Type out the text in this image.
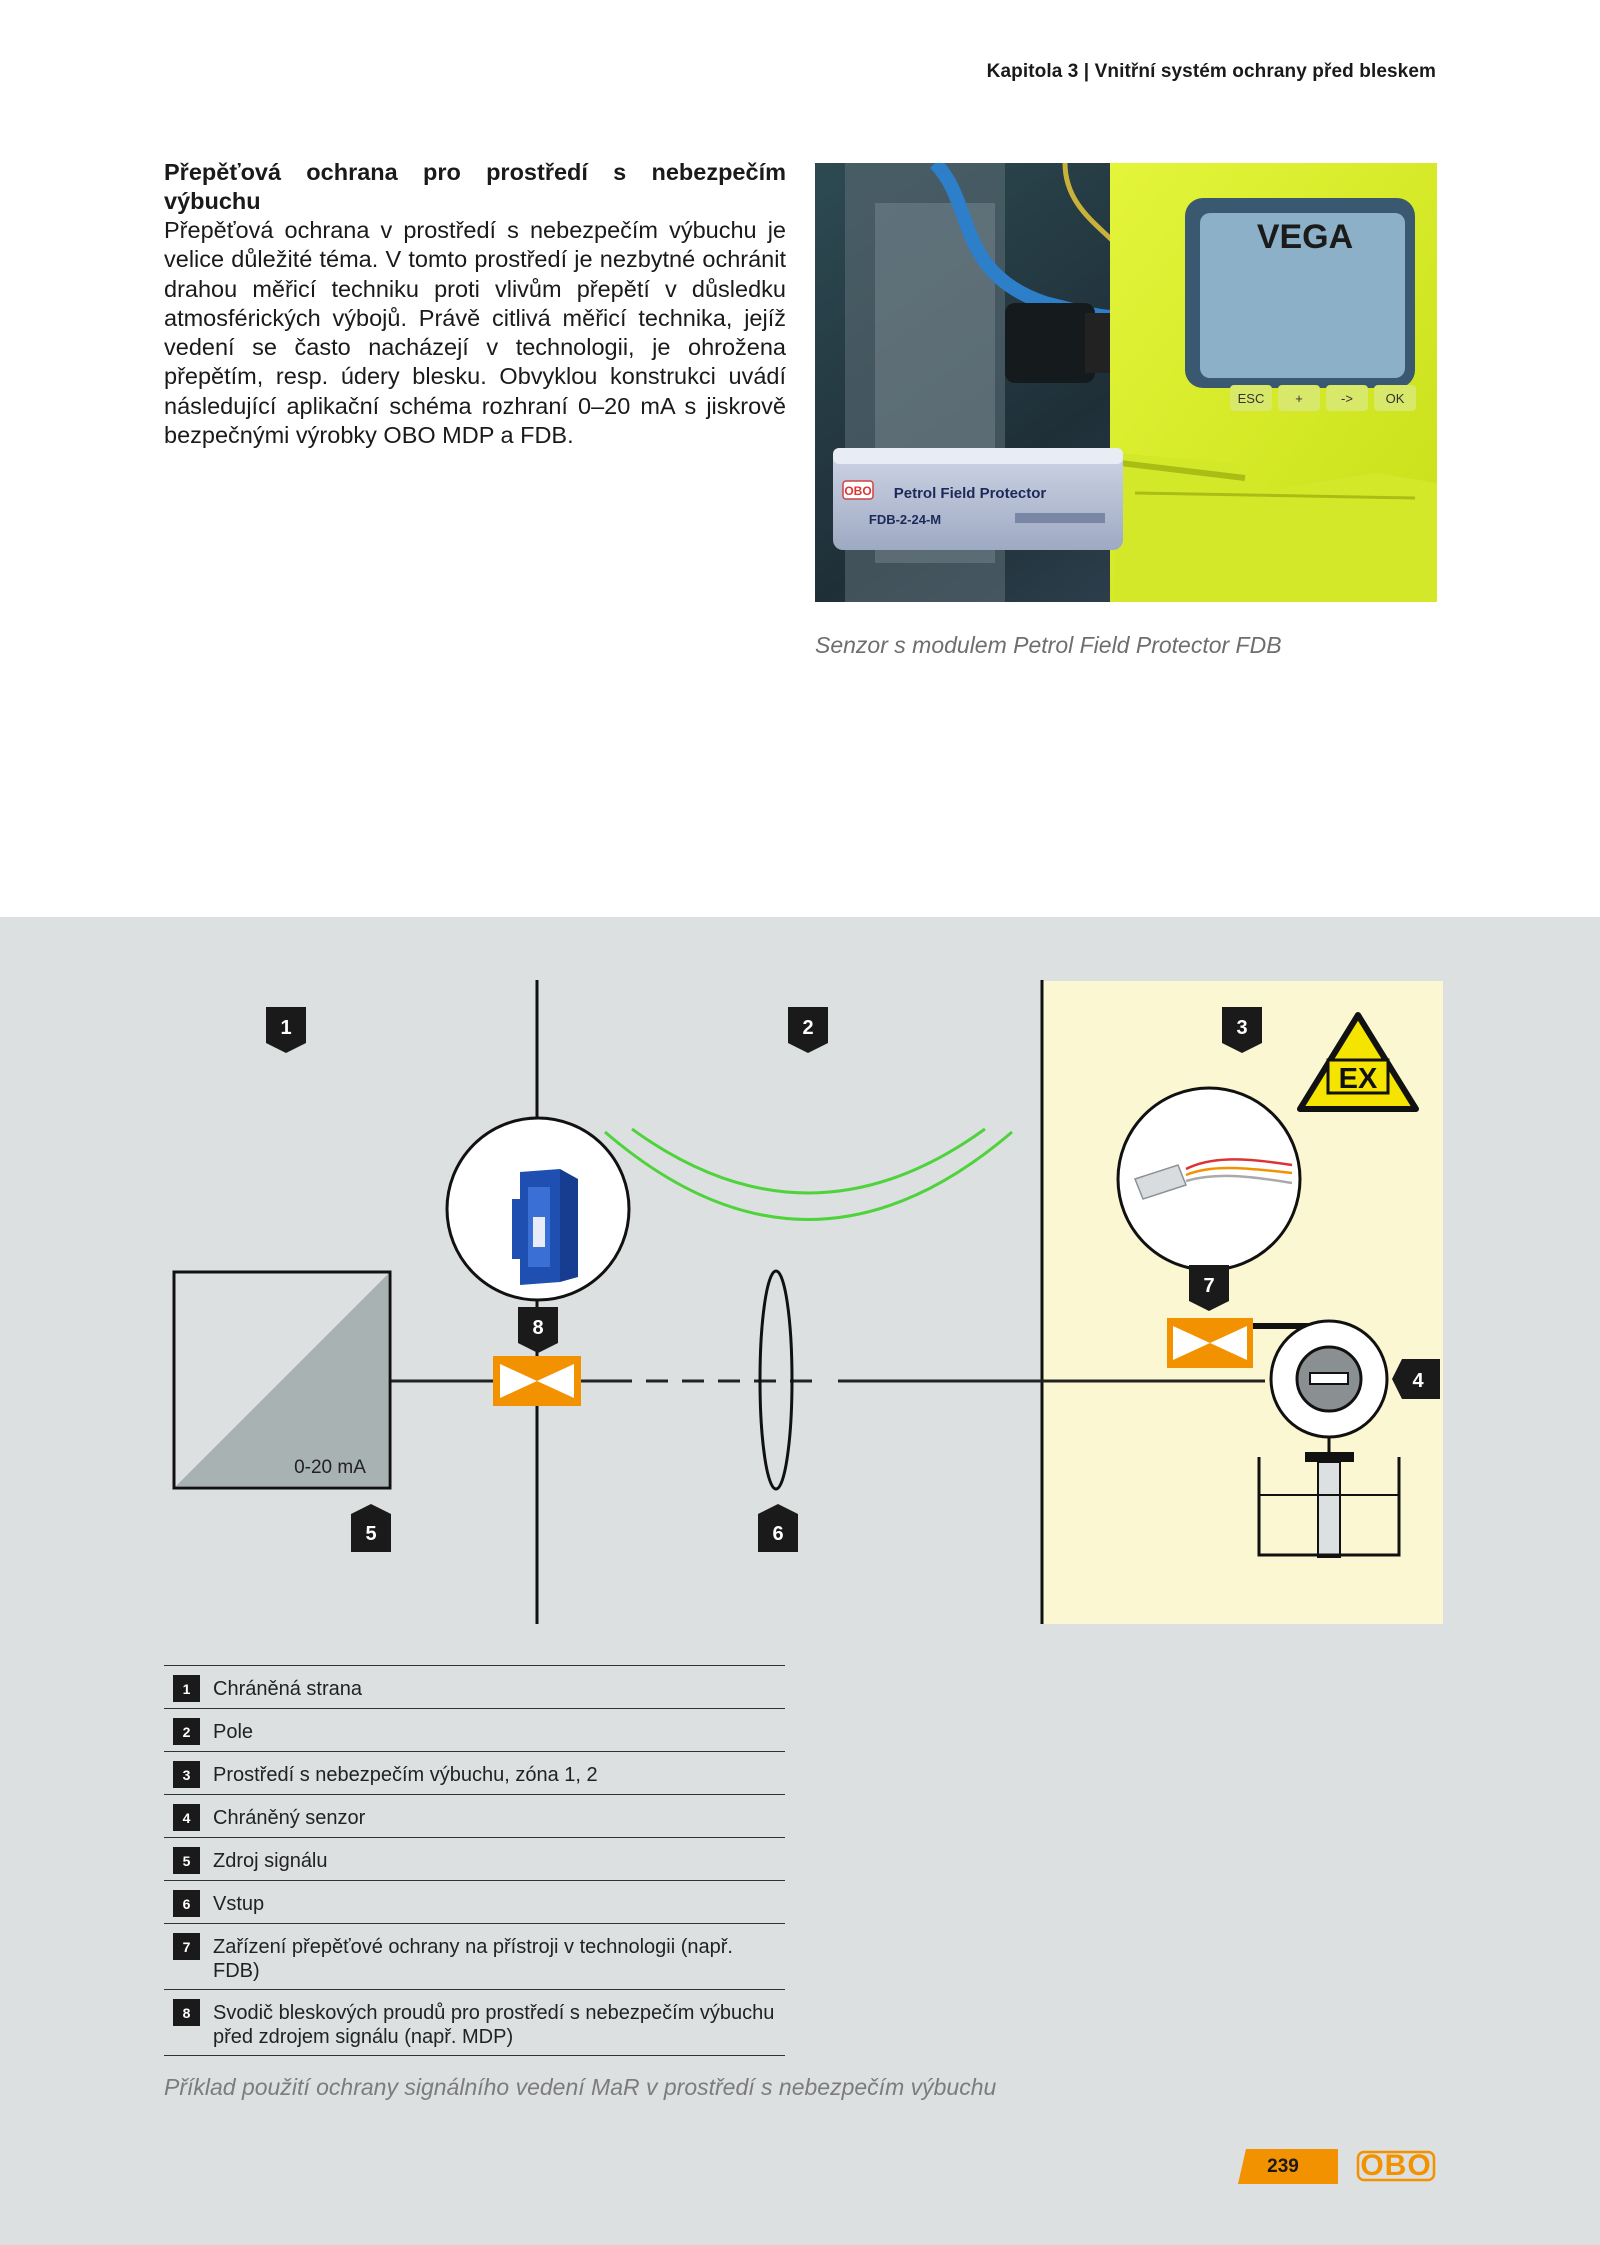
Kapitola 3 | Vnitřní systém ochrany před bleskem
Přepěťová ochrana pro prostředí s nebezpečím výbuchu

Přepěťová ochrana v prostředí s nebezpečím výbuchu je velice důležité téma. V tomto prostředí je nezbytné ochránit drahou měřicí techniku proti vlivům přepětí v důsledku atmosférických výbojů. Právě citlivá měřicí technika, jejíž vedení se často nacházejí v technologii, je ohrožena přepětím, resp. údery blesku. Obvyklou konstrukci uvádí následující aplikační schéma rozhraní 0–20 mA s jiskrově bezpečnými výrobky OBO MDP a FDB.

VEGA
ESC +	->	OK
OBO Petrol Field Protector
FDB-2-24-M
Senzor s modulem Petrol Field Protector FDB
0-20 mA
EX
1	2	3
7
8
5	6
4
1	Chráněná strana
2	Pole
3	Prostředí s nebezpečím výbuchu, zóna 1, 2
4	Chráněný senzor
5	Zdroj signálu
6	Vstup
7	Zařízení přepěťové ochrany na přístroji v technologii (např. FDB)
8	Svodič bleskových proudů pro prostředí s nebezpečím výbuchu před zdrojem signálu (např. MDP)
Příklad použití ochrany signálního vedení MaR v prostředí s nebezpečím výbuchu
239	OBO
